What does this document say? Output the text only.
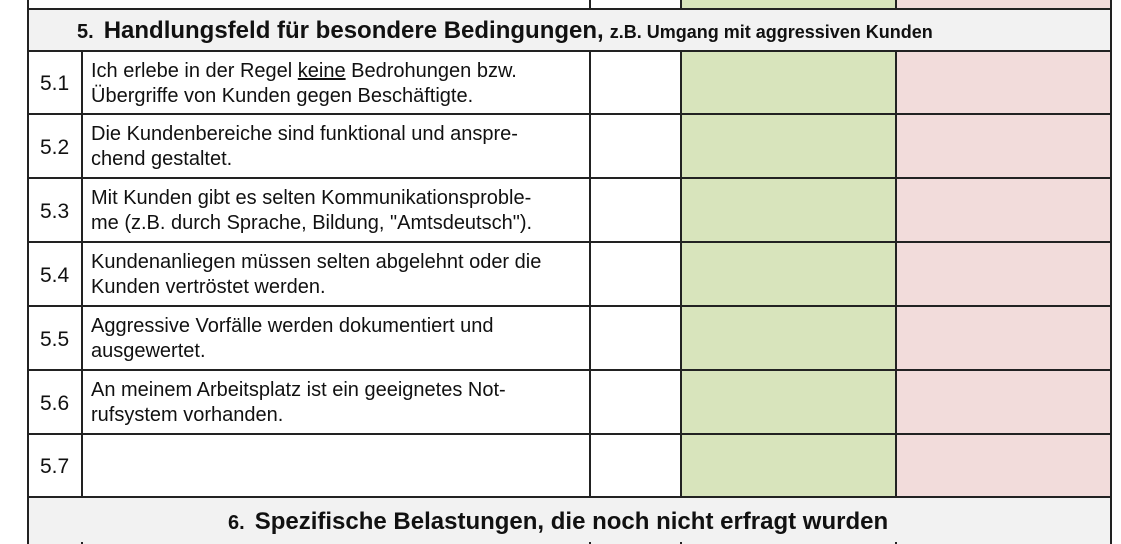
5. Handlungsfeld für besondere Bedingungen, z.B. Umgang mit aggressiven Kunden
5.1
Ich erlebe in der Regel keine Bedrohungen bzw.
Übergriffe von Kunden gegen Beschäftigte.
5.2
Die Kundenbereiche sind funktional und anspre-
chend gestaltet.
5.3
Mit Kunden gibt es selten Kommunikationsproble-
me (z.B. durch Sprache, Bildung, "Amtsdeutsch").
5.4
Kundenanliegen müssen selten abgelehnt oder die
Kunden vertröstet werden.
5.5
Aggressive Vorfälle werden dokumentiert und
ausgewertet.
5.6
An meinem Arbeitsplatz ist ein geeignetes Not-
rufsystem vorhanden.
5.7
6. Spezifische Belastungen, die noch nicht erfragt wurden
